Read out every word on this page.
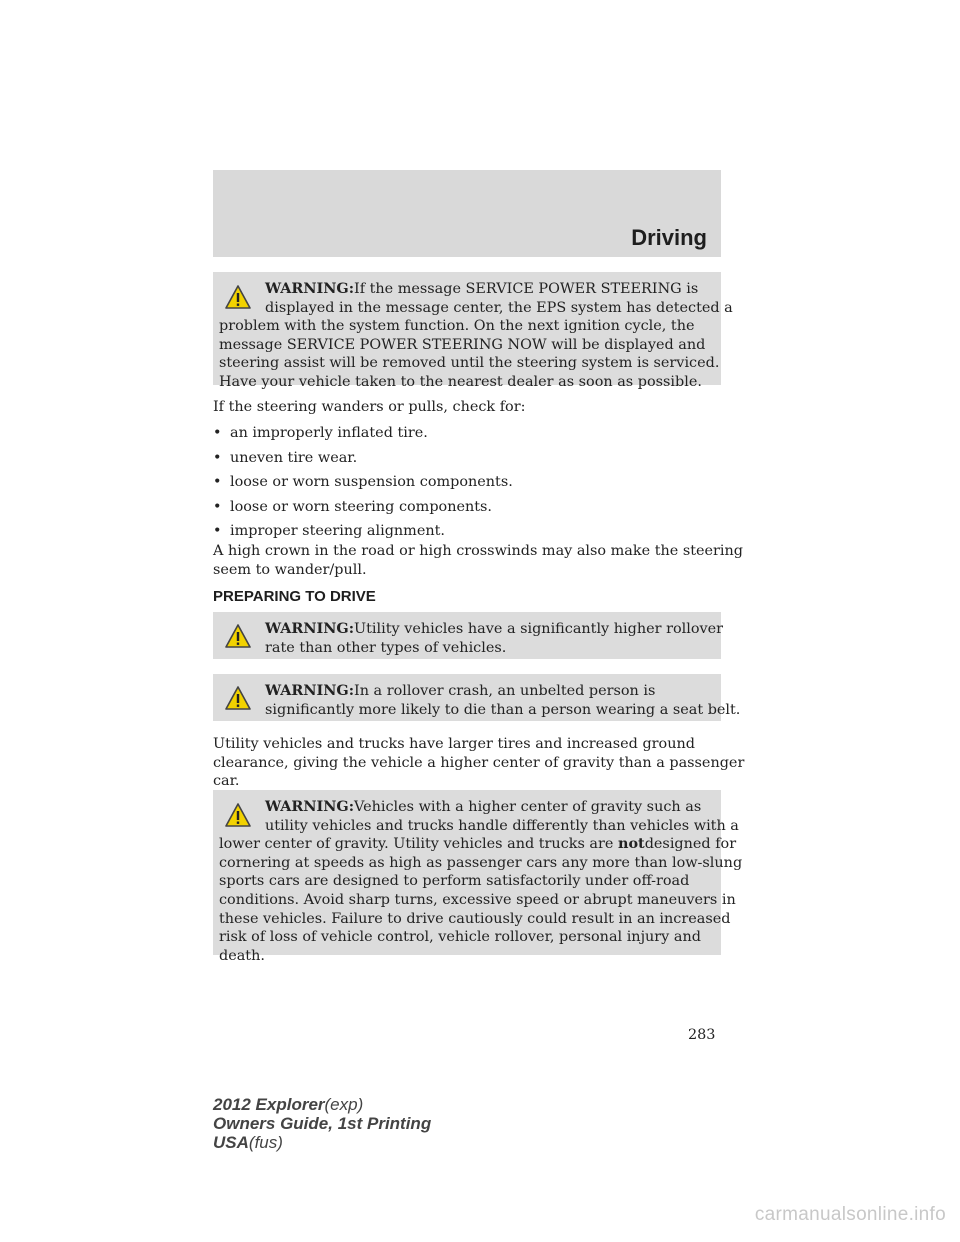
Driving
WARNING:If the message SERVICE POWER STEERING is
displayed in the message center, the EPS system has detected a
problem with the system function. On the next ignition cycle, the
message SERVICE POWER STEERING NOW will be displayed and
steering assist will be removed until the steering system is serviced.
Have your vehicle taken to the nearest dealer as soon as possible.
If the steering wanders or pulls, check for:
• an improperly inflated tire.
• uneven tire wear.
• loose or worn suspension components.
• loose or worn steering components.
• improper steering alignment.
A high crown in the road or high crosswinds may also make the steering
seem to wander/pull.
PREPARING TO DRIVE
WARNING:Utility vehicles have a significantly higher rollover
rate than other types of vehicles.
WARNING:In a rollover crash, an unbelted person is
significantly more likely to die than a person wearing a seat belt.
Utility vehicles and trucks have larger tires and increased ground
clearance, giving the vehicle a higher center of gravity than a passenger
car.
WARNING:Vehicles with a higher center of gravity such as
utility vehicles and trucks handle differently than vehicles with a
lower center of gravity. Utility vehicles and trucks are notdesigned for
cornering at speeds as high as passenger cars any more than low-slung
sports cars are designed to perform satisfactorily under off-road
conditions. Avoid sharp turns, excessive speed or abrupt maneuvers in
these vehicles. Failure to drive cautiously could result in an increased
risk of loss of vehicle control, vehicle rollover, personal injury and
death.
283
2012 Explorer(exp)
Owners Guide, 1st Printing
USA(fus)
carmanualsonline.info
